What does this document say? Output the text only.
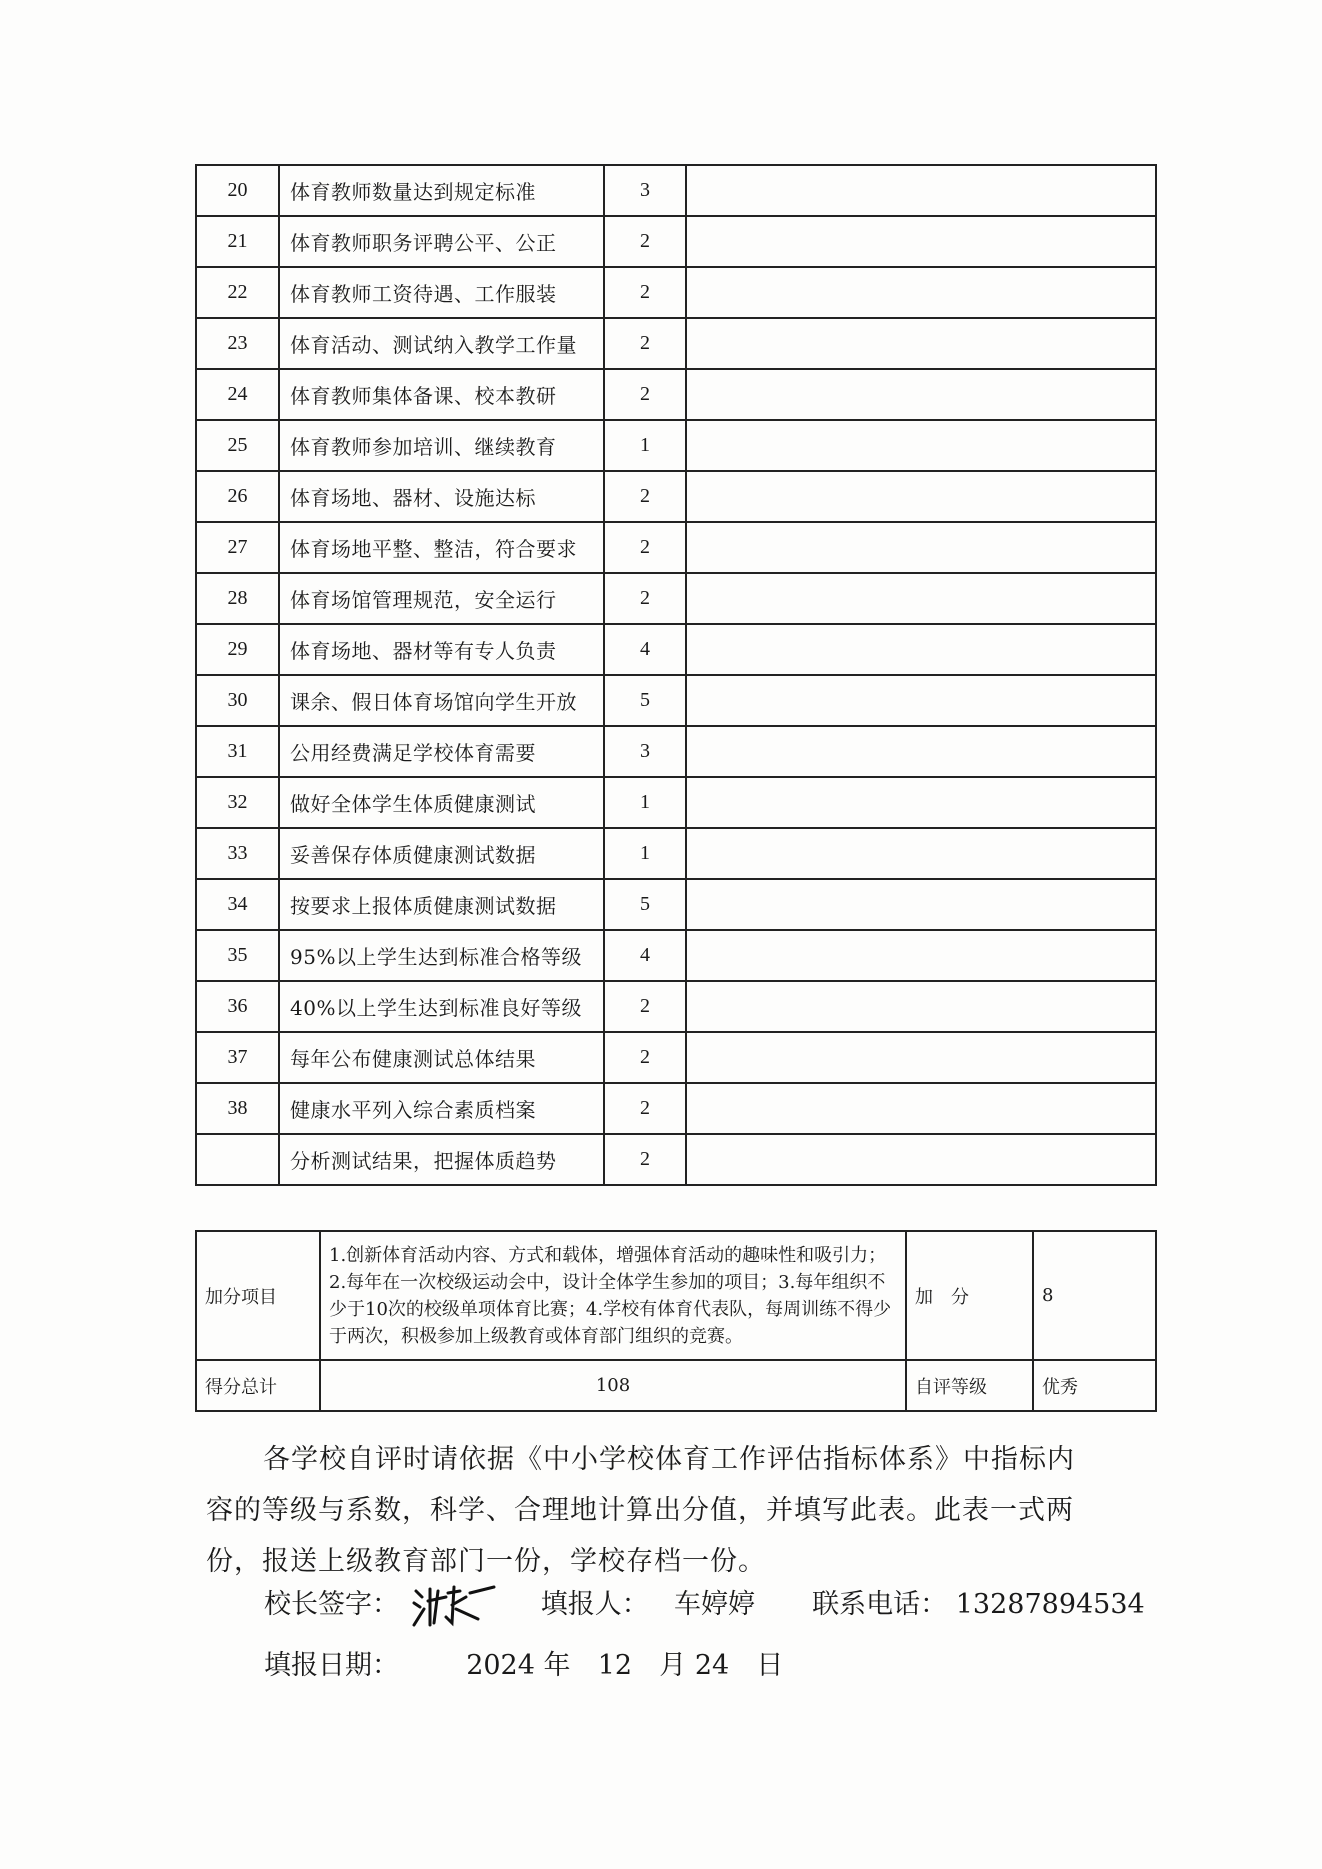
20	体育教师数量达到规定标准	3	
21	体育教师职务评聘公平、公正	2	
22	体育教师工资待遇、工作服装	2	
23	体育活动、测试纳入教学工作量	2	
24	体育教师集体备课、校本教研	2	
25	体育教师参加培训、继续教育	1	
26	体育场地、器材、设施达标	2	
27	体育场地平整、整洁，符合要求	2	
28	体育场馆管理规范，安全运行	2	
29	体育场地、器材等有专人负责	4	
30	课余、假日体育场馆向学生开放	5	
31	公用经费满足学校体育需要	3	
32	做好全体学生体质健康测试	1	
33	妥善保存体质健康测试数据	1	
34	按要求上报体质健康测试数据	5	
35	95%以上学生达到标准合格等级	4	
36	40%以上学生达到标准良好等级	2	
37	每年公布健康测试总体结果	2	
38	健康水平列入综合素质档案	2	
	分析测试结果，把握体质趋势	2	
加分项目	1.创新体育活动内容、方式和载体，增强体育活动的趣味性和吸引力；2.每年在一次校级运动会中，设计全体学生参加的项目；3.每年组织不少于10次的校级单项体育比赛；4.学校有体育代表队，每周训练不得少于两次，积极参加上级教育或体育部门组织的竞赛。	加　分	8
得分总计	108	自评等级	优秀
各学校自评时请依据《中小学校体育工作评估指标体系》中指标内
容的等级与系数，科学、合理地计算出分值，并填写此表。此表一式两
份，报送上级教育部门一份，学校存档一份。
校长签字：	填报人： 车婷婷 联系电话： 13287894534
填报日期： 2024 年 12 月 24 日
